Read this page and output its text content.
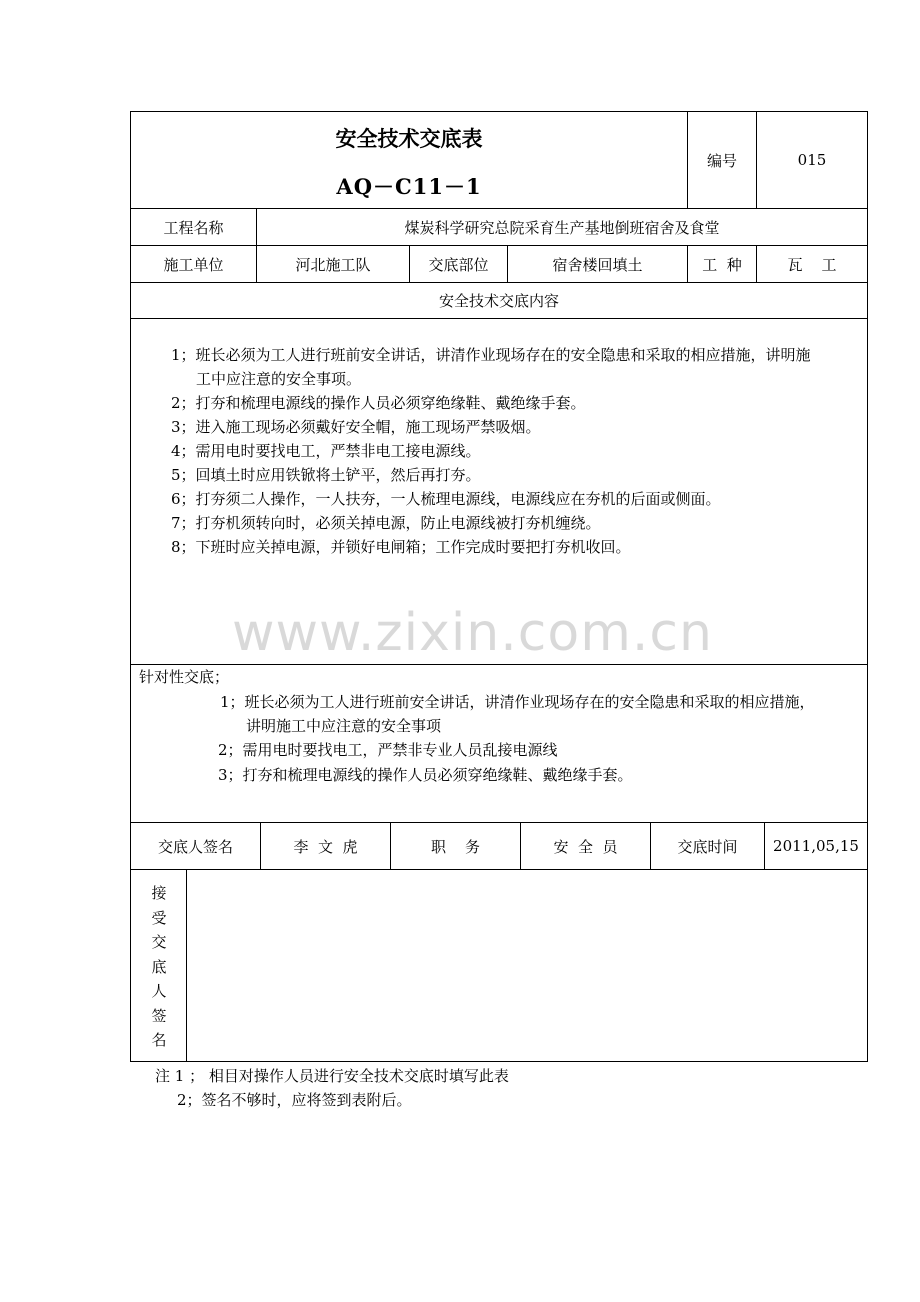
安全技术交底表
AQ－C11－1
编号	015
工程名称	煤炭科学研究总院采育生产基地倒班宿舍及食堂
施工单位	河北施工队	交底部位	宿舍楼回填土	工  种	瓦    工
安全技术交底内容
1；班长必须为工人进行班前安全讲话，讲清作业现场存在的安全隐患和采取的相应措施，讲明施
工中应注意的安全事项。
2；打夯和梳理电源线的操作人员必须穿绝缘鞋、戴绝缘手套。
3；进入施工现场必须戴好安全帽，施工现场严禁吸烟。
4；需用电时要找电工，严禁非电工接电源线。
5；回填土时应用铁锨将土铲平，然后再打夯。
6；打夯须二人操作，一人扶夯，一人梳理电源线，电源线应在夯机的后面或侧面。
7；打夯机须转向时，必须关掉电源，防止电源线被打夯机缠绕。
8；下班时应关掉电源，并锁好电闸箱；工作完成时要把打夯机收回。
www.zixin.com.cn
针对性交底；
1；班长必须为工人进行班前安全讲话，讲清作业现场存在的安全隐患和采取的相应措施，
讲明施工中应注意的安全事项
2；需用电时要找电工，严禁非专业人员乱接电源线
3；打夯和梳理电源线的操作人员必须穿绝缘鞋、戴绝缘手套。
交底人签名	李  文  虎	职    务	安  全  员	交底时间	2011,05,15
接
受
交
底
人
签
名
注 1 ； 相目对操作人员进行安全技术交底时填写此表
2；签名不够时，应将签到表附后。
